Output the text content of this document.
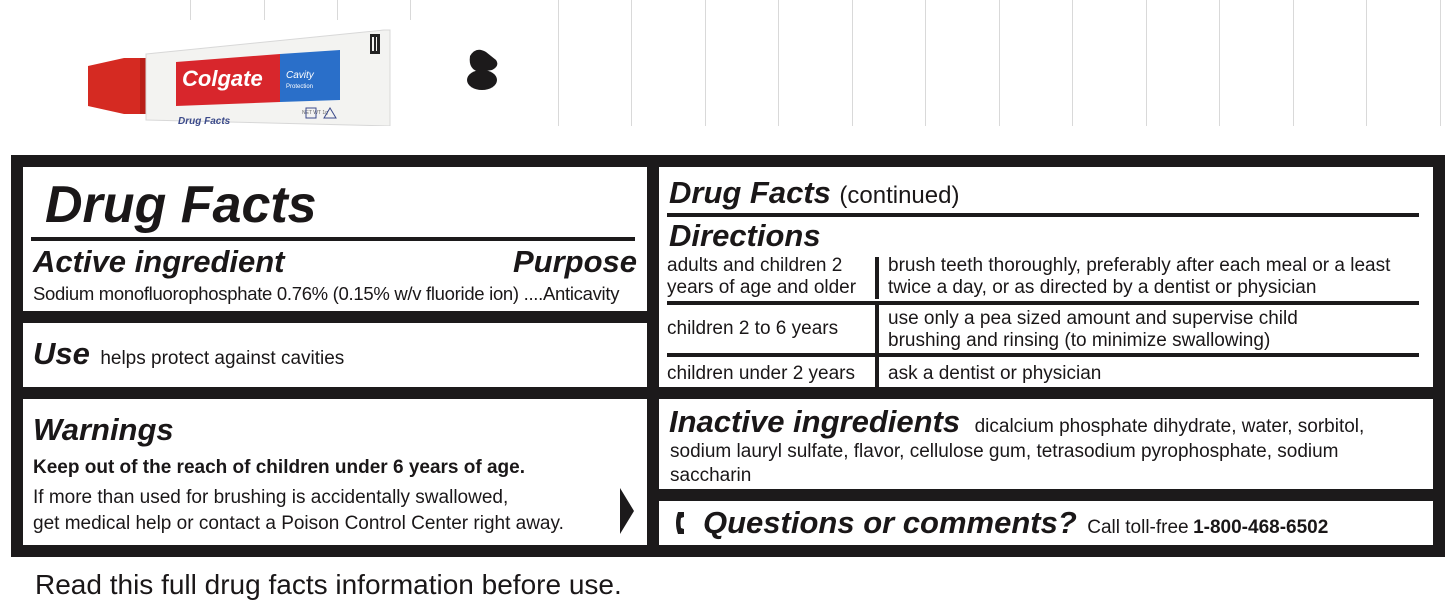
Colgate Cavity
Protection
Drug Facts
NET WT 1g
Drug Facts
Active ingredient	Purpose
Sodium monofluorophosphate 0.76% (0.15% w/v fluoride ion) ....Anticavity
Use helps protect against cavities
Warnings
Keep out of the reach of children under 6 years of age.
If more than used for brushing is accidentally swallowed,
get medical help or contact a Poison Control Center right away.
Drug Facts (continued)
Directions
adults and children 2
years of age and older
brush teeth thoroughly, preferably after each meal or a least
twice a day, or as directed by a dentist or physician
children 2 to 6 years	use only a pea sized amount and supervise child
brushing and rinsing (to minimize swallowing)
children under 2 years ask a dentist or physician
Inactive ingredients dicalcium phosphate dihydrate, water, sorbitol,
sodium lauryl sulfate, flavor, cellulose gum, tetrasodium pyrophosphate, sodium
saccharin
Questions or comments? Call toll-free 1-800-468-6502
Read this full drug facts information before use.
